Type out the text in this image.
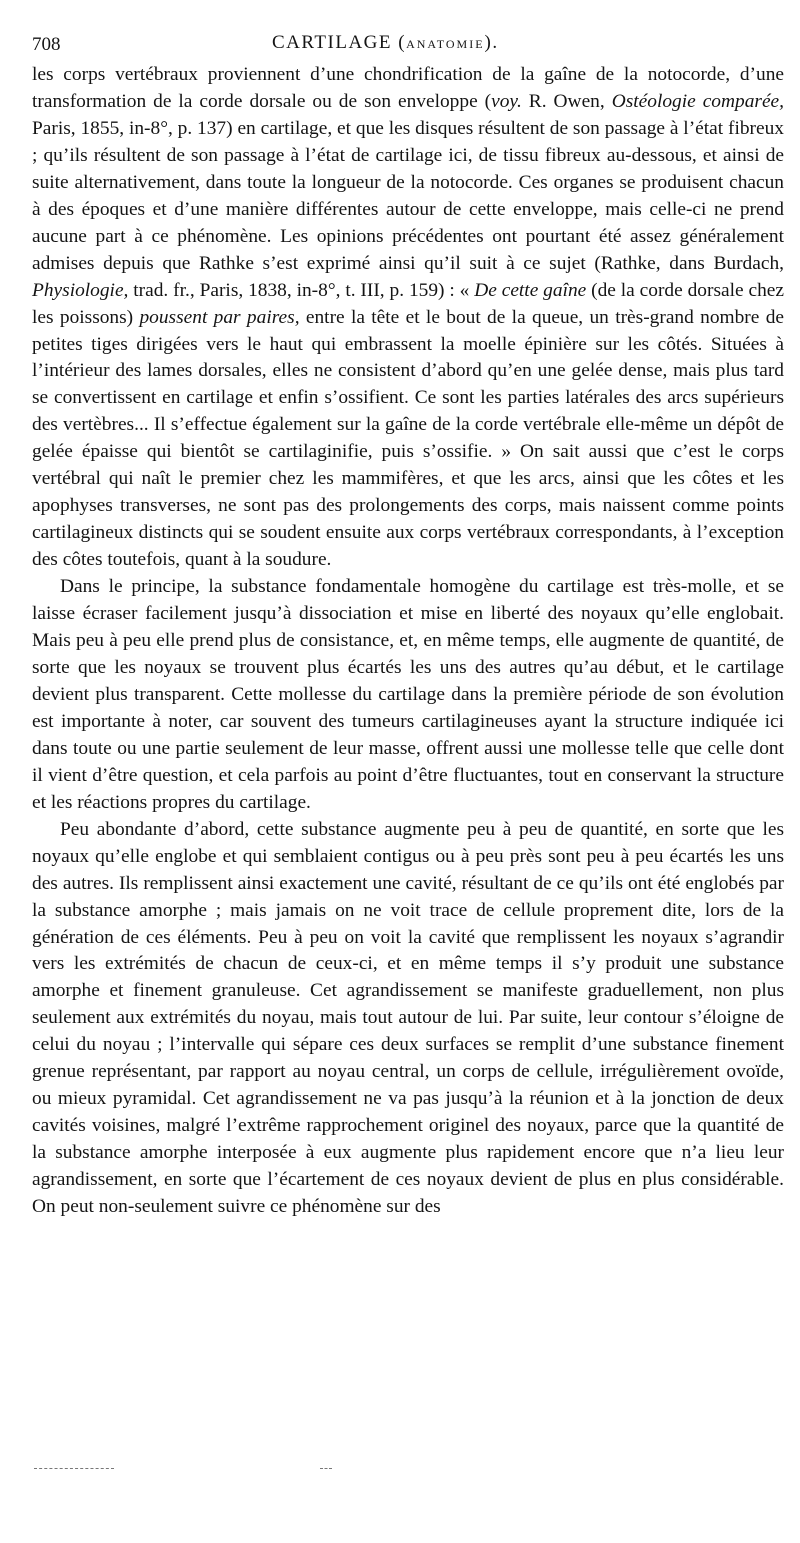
708	CARTILAGE (ANATOMIE).

les corps vertébraux proviennent d’une chondrification de la gaîne de la notocorde, d’une transformation de la corde dorsale ou de son enveloppe (voy. R. Owen, Ostéologie comparée, Paris, 1855, in-8°, p. 137) en cartilage, et que les disques résultent de son passage à l’état fibreux ; qu’ils résultent de son passage à l’état de cartilage ici, de tissu fibreux au-dessous, et ainsi de suite alternativement, dans toute la longueur de la notocorde. Ces organes se produisent chacun à des époques et d’une manière différentes autour de cette enveloppe, mais celle-ci ne prend aucune part à ce phénomène. Les opinions précédentes ont pourtant été assez généralement admises depuis que Rathke s’est exprimé ainsi qu’il suit à ce sujet (Rathke, dans Burdach, Physiologie, trad. fr., Paris, 1838, in-8°, t. III, p. 159) : « De cette gaîne (de la corde dorsale chez les poissons) poussent par paires, entre la tête et le bout de la queue, un très-grand nombre de petites tiges dirigées vers le haut qui embrassent la moelle épinière sur les côtés. Situées à l’intérieur des lames dorsales, elles ne consistent d’abord qu’en une gelée dense, mais plus tard se convertissent en cartilage et enfin s’ossifient. Ce sont les parties latérales des arcs supérieurs des vertèbres... Il s’effectue également sur la gaîne de la corde vertébrale elle-même un dépôt de gelée épaisse qui bientôt se cartilaginifie, puis s’ossifie. » On sait aussi que c’est le corps vertébral qui naît le premier chez les mammifères, et que les arcs, ainsi que les côtes et les apophyses transverses, ne sont pas des prolongements des corps, mais naissent comme points cartilagineux distincts qui se soudent ensuite aux corps vertébraux correspondants, à l’exception des côtes toutefois, quant à la soudure.

Dans le principe, la substance fondamentale homogène du cartilage est très-molle, et se laisse écraser facilement jusqu’à dissociation et mise en liberté des noyaux qu’elle englobait. Mais peu à peu elle prend plus de consistance, et, en même temps, elle augmente de quantité, de sorte que les noyaux se trouvent plus écartés les uns des autres qu’au début, et le cartilage devient plus transparent. Cette mollesse du cartilage dans la première période de son évolution est importante à noter, car souvent des tumeurs cartilagineuses ayant la structure indiquée ici dans toute ou une partie seulement de leur masse, offrent aussi une mollesse telle que celle dont il vient d’être question, et cela parfois au point d’être fluctuantes, tout en conservant la structure et les réactions propres du cartilage.

Peu abondante d’abord, cette substance augmente peu à peu de quantité, en sorte que les noyaux qu’elle englobe et qui semblaient contigus ou à peu près sont peu à peu écartés les uns des autres. Ils remplissent ainsi exactement une cavité, résultant de ce qu’ils ont été englobés par la substance amorphe ; mais jamais on ne voit trace de cellule proprement dite, lors de la génération de ces éléments. Peu à peu on voit la cavité que remplissent les noyaux s’agrandir vers les extrémités de chacun de ceux-ci, et en même temps il s’y produit une substance amorphe et finement granuleuse. Cet agrandissement se manifeste graduellement, non plus seulement aux extrémités du noyau, mais tout autour de lui. Par suite, leur contour s’éloigne de celui du noyau ; l’intervalle qui sépare ces deux surfaces se remplit d’une substance finement grenue représentant, par rapport au noyau central, un corps de cellule, irrégulièrement ovoïde, ou mieux pyramidal. Cet agrandissement ne va pas jusqu’à la réunion et à la jonction de deux cavités voisines, malgré l’extrême rapprochement originel des noyaux, parce que la quantité de la substance amorphe interposée à eux augmente plus rapidement encore que n’a lieu leur agrandissement, en sorte que l’écartement de ces noyaux devient de plus en plus considérable. On peut non-seulement suivre ce phénomène sur des
